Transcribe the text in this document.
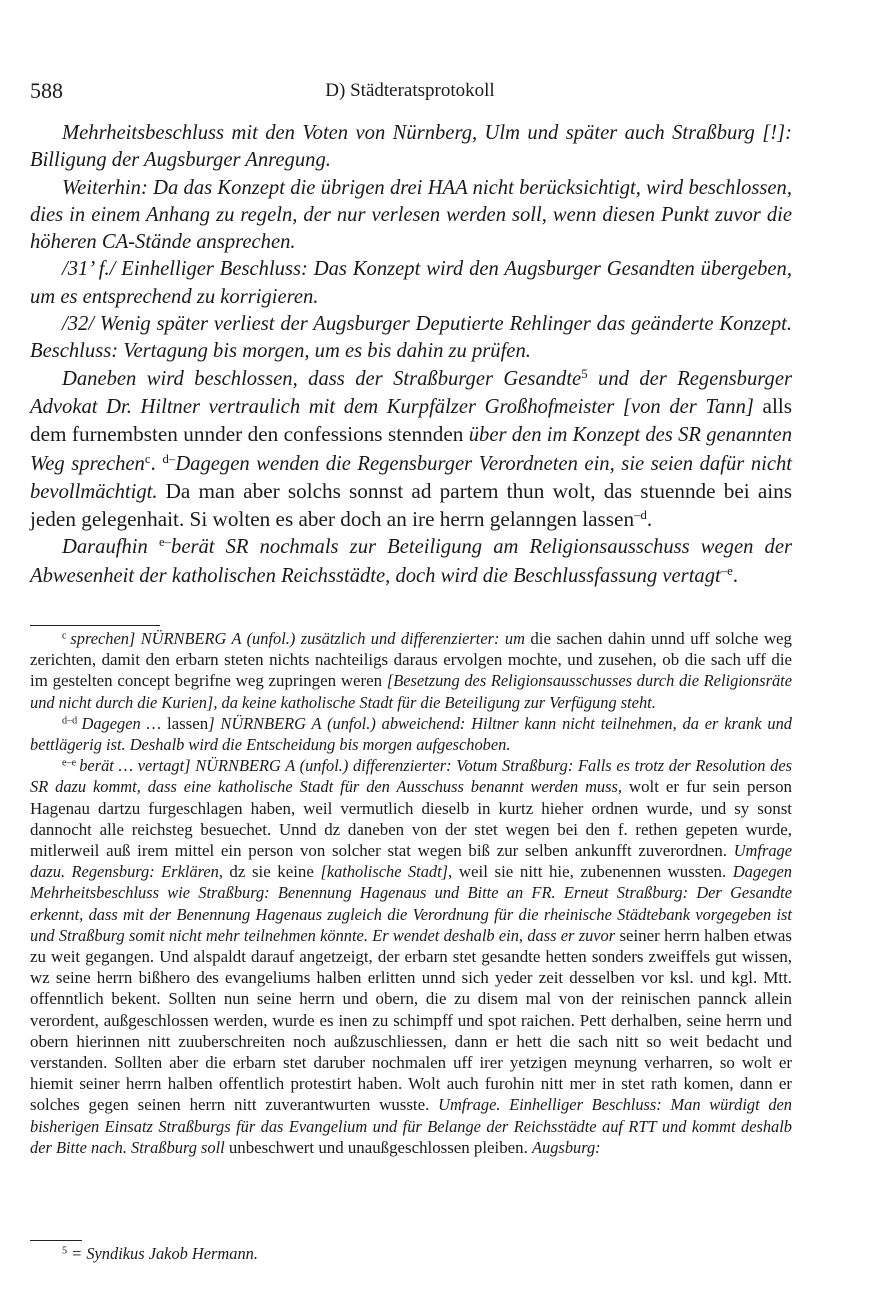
588	D) Städteratsprotokoll

Mehrheitsbeschluss mit den Voten von Nürnberg, Ulm und später auch Straßburg [!]: Billigung der Augsburger Anregung.

Weiterhin: Da das Konzept die übrigen drei HAA nicht berücksichtigt, wird beschlossen, dies in einem Anhang zu regeln, der nur verlesen werden soll, wenn diesen Punkt zuvor die höheren CA-Stände ansprechen.

/31’ f./ Einhelliger Beschluss: Das Konzept wird den Augsburger Gesandten übergeben, um es entsprechend zu korrigieren.

/32/ Wenig später verliest der Augsburger Deputierte Rehlinger das geänderte Konzept. Beschluss: Vertagung bis morgen, um es bis dahin zu prüfen.

Daneben wird beschlossen, dass der Straßburger Gesandte$^5$ und der Regensburger Advokat Dr. Hiltner vertraulich mit dem Kurpfälzer Großhofmeister [von der Tann] alls dem furnembsten unnder den confessions stennden über den im Konzept des SR genannten Weg sprechen$^c$. $^{d-}$Dagegen wenden die Regensburger Verordneten ein, sie seien dafür nicht bevollmächtigt. Da man aber solchs sonnst ad partem thun wolt, das stuennde bei ains jeden gelegenhait. Si wolten es aber doch an ire herrn gelanngen lassen$^{-d}$.

Daraufhin $^{e-}$berät SR nochmals zur Beteiligung am Religionsausschuss wegen der Abwesenheit der katholischen Reichsstädte, doch wird die Beschlussfassung vertagt$^{-e}$.

$^c$ sprechen] NÜRNBERG A (unfol.) zusätzlich und differenzierter: um die sachen dahin unnd uff solche weg zerichten, damit den erbarn steten nichts nachteiligs daraus ervolgen mochte, und zusehen, ob die sach uff die im gestelten concept begrifne weg zupringen weren [Besetzung des Religionsausschusses durch die Religionsräte und nicht durch die Kurien], da keine katholische Stadt für die Beteiligung zur Verfügung steht.

$^{d-d}$ Dagegen … lassen] NÜRNBERG A (unfol.) abweichend: Hiltner kann nicht teilnehmen, da er krank und bettlägerig ist. Deshalb wird die Entscheidung bis morgen aufgeschoben.

$^{e-e}$ berät … vertagt] NÜRNBERG A (unfol.) differenzierter: Votum Straßburg: Falls es trotz der Resolution des SR dazu kommt, dass eine katholische Stadt für den Ausschuss benannt werden muss, wolt er fur sein person Hagenau dartzu furgeschlagen haben, weil vermutlich dieselb in kurtz hieher ordnen wurde, und sy sonst dannocht alle reichsteg besuechet. Unnd dz daneben von der stet wegen bei den f. rethen gepeten wurde, mitlerweil auß irem mittel ein person von solcher stat wegen biß zur selben ankunfft zuverordnen. Umfrage dazu. Regensburg: Erklären, dz sie keine [katholische Stadt], weil sie nitt hie, zubenennen wussten. Dagegen Mehrheitsbeschluss wie Straßburg: Benennung Hagenaus und Bitte an FR. Erneut Straßburg: Der Gesandte erkennt, dass mit der Benennung Hagenaus zugleich die Verordnung für die rheinische Städtebank vorgegeben ist und Straßburg somit nicht mehr teilnehmen könnte. Er wendet deshalb ein, dass er zuvor seiner herrn halben etwas zu weit gegangen. Und alspaldt darauf angetzeigt, der erbarn stet gesandte hetten sonders zweiffels gut wissen, wz seine herrn bißhero des evangeliums halben erlitten unnd sich yeder zeit desselben vor ksl. und kgl. Mtt. offenntlich bekent. Sollten nun seine herrn und obern, die zu disem mal von der reinischen pannck allein verordent, außgeschlossen werden, wurde es inen zu schimpff und spot raichen. Pett derhalben, seine herrn und obern hierinnen nitt zuuberschreiten noch außzuschliessen, dann er hett die sach nitt so weit bedacht und verstanden. Sollten aber die erbarn stet daruber nochmalen uff irer yetzigen meynung verharren, so wolt er hiemit seiner herrn halben offentlich protestirt haben. Wolt auch furohin nitt mer in stet rath komen, dann er solches gegen seinen herrn nitt zuverantwurten wusste. Umfrage. Einhelliger Beschluss: Man würdigt den bisherigen Einsatz Straßburgs für das Evangelium und für Belange der Reichsstädte auf RTT und kommt deshalb der Bitte nach. Straßburg soll unbeschwert und unaußgeschlossen pleiben. Augsburg:

$^5$ = Syndikus Jakob Hermann.
